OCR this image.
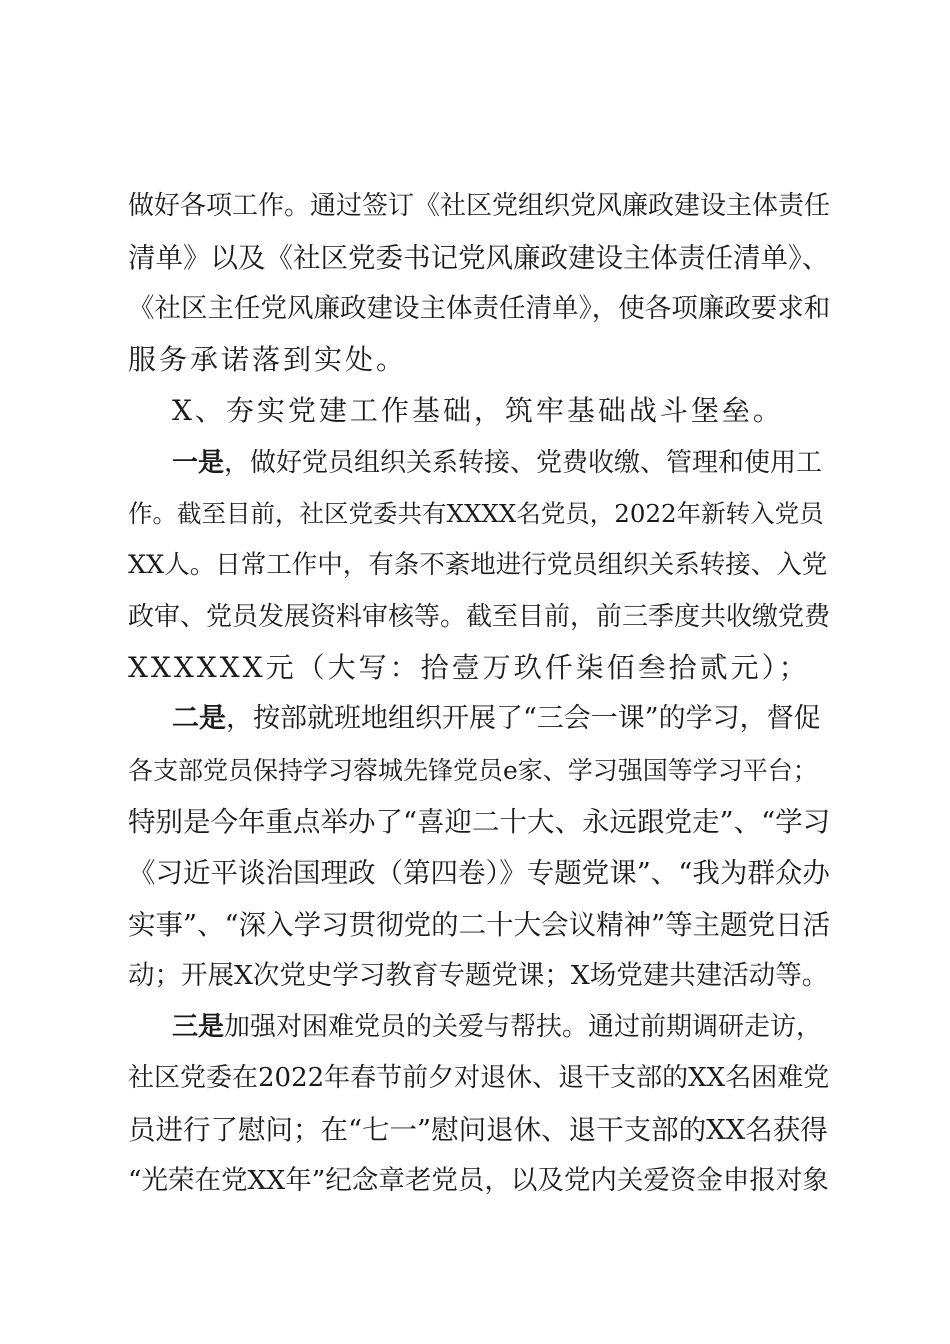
做好各项工作。通过签订《社区党组织党风廉政建设主体责任
清单》以及《社区党委书记党风廉政建设主体责任清单》、
《社区主任党风廉政建设主体责任清单》，使各项廉政要求和
服务承诺落到实处。
X、夯实党建工作基础，筑牢基础战斗堡垒。
一是，做好党员组织关系转接、党费收缴、管理和使用工
作。截至目前，社区党委共有XXXX名党员，2022年新转入党员
XX人。日常工作中，有条不紊地进行党员组织关系转接、入党
政审、党员发展资料审核等。截至目前，前三季度共收缴党费
XXXXXX元（大写：拾壹万玖仟柒佰叁拾贰元）；
二是，按部就班地组织开展了“三会一课”的学习，督促
各支部党员保持学习蓉城先锋党员e家、学习强国等学习平台；
特别是今年重点举办了“喜迎二十大、永远跟党走”、“学习
《习近平谈治国理政（第四卷）》专题党课”、“我为群众办
实事”、“深入学习贯彻党的二十大会议精神”等主题党日活
动；开展X次党史学习教育专题党课；X场党建共建活动等。
三是加强对困难党员的关爱与帮扶。通过前期调研走访，
社区党委在2022年春节前夕对退休、退干支部的XX名困难党
员进行了慰问；在“七一”慰问退休、退干支部的XX名获得
“光荣在党XX年”纪念章老党员，以及党内关爱资金申报对象
